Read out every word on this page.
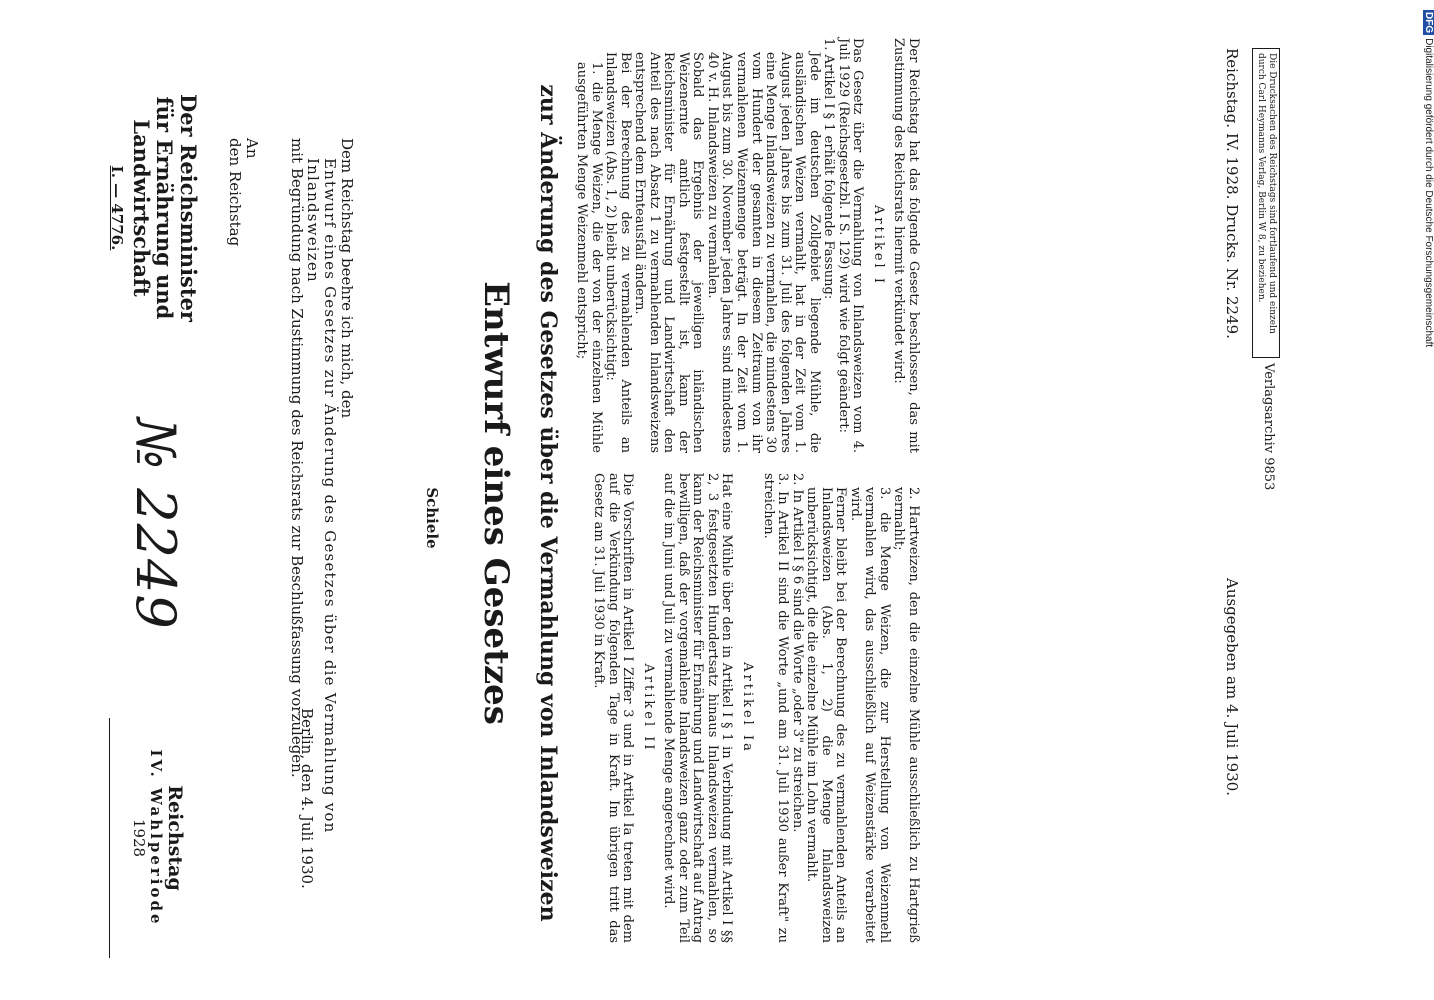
Der Reichsminister
für Ernährung und Landwirtschaft
I. — 4776.
№ 2249
Reichstag
IV. Wahlperiode
1928
An
den Reichstag
Berlin, den 4. Juli 1930.
Dem Reichstag beehre ich mich, den
Entwurf eines Gesetzes zur Änderung des Gesetzes über die Vermahlung von Inlandsweizen
mit Begründung nach Zustimmung des Reichsrats zur Beschlußfassung vorzulegen.	Schiele Entwurf eines Gesetzes zur Änderung des Gesetzes über die Vermahlung von Inlandsweizen	Der Reichstag hat das folgende Gesetz beschlossen, das mit Zustimmung des Reichsrats hiermit verkündet wird:
Artikel I
Das Gesetz über die Vermahlung von Inlandsweizen vom 4. Juli 1929 (Reichsgesetzbl. I S. 129) wird wie folgt geändert:
1. Artikel I § 1 erhält folgende Fassung:
Jede im deutschen Zollgebiet liegende Mühle, die ausländischen Weizen vermahlt, hat in der Zeit vom 1. August jeden Jahres bis zum 31. Juli des folgenden Jahres eine Menge Inlandsweizen zu vermahlen, die mindestens 30 vom Hundert der gesamten in diesem Zeitraum von ihr vermahlenen Weizenmenge beträgt. In der Zeit vom 1. August bis zum 30. November jeden Jahres sind mindestens 40 v. H. Inlandsweizen zu vermahlen.
Sobald das Ergebnis der jeweiligen inländischen Weizenernte amtlich festgestellt ist, kann der Reichsminister für Ernährung und Landwirtschaft den Anteil des nach Absatz 1 zu vermahlenden Inlandsweizens entsprechend dem Ernteausfall ändern.
Bei der Berechnung des zu vermahlenden Anteils an Inlandsweizen (Abs. 1, 2) bleibt unberücksichtigt:
1. die Menge Weizen, die der von der einzelnen Mühle ausgeführten Menge Weizenmehl entspricht;
2. Hartweizen, den die einzelne Mühle ausschließlich zu Hartgrieß vermahlt;
3. die Menge Weizen, die zur Herstellung von Weizenmehl vermahlen wird, das ausschließlich auf Weizenstärke verarbeitet wird.
Ferner bleibt bei der Berechnung des zu vermahlenden Anteils an Inlandsweizen (Abs. 1, 2) die Menge Inlandsweizen unberücksichtigt, die die einzelne Mühle im Lohn vermahlt.
2. In Artikel I § 6 sind die Worte „oder 3" zu streichen.
3. In Artikel II sind die Worte „und am 31. Juli 1930 außer Kraft" zu streichen.
Artikel Ia
Hat eine Mühle über den in Artikel I § 1 in Verbindung mit Artikel I §§ 2, 3 festgesetzten Hundertsatz hinaus Inlandsweizen vermahlen, so kann der Reichsminister für Ernährung und Landwirtschaft auf Antrag bewilligen, daß der vorgemahlene Inlandsweizen ganz oder zum Teil auf die im Juni und Juli zu vermahlende Menge angerechnet wird.
Artikel II
Die Vorschriften in Artikel I Ziffer 3 und in Artikel Ia treten mit dem auf die Verkündung folgenden Tage in Kraft. Im übrigen tritt das Gesetz am 31. Juli 1930 in Kraft.
Reichstag. IV. 1928. Drucks. Nr. 2249.
Ausgegeben am 4. Juli 1930.
Die Drucksachen des Reichstags sind fortlaufend und einzeln durch Carl Heymanns Verlag, Berlin W 8, zu beziehen.
Verlagsarchiv 9853
DFGDigitalisierung gefördert durch die Deutsche Forschungsgemeinschaft
